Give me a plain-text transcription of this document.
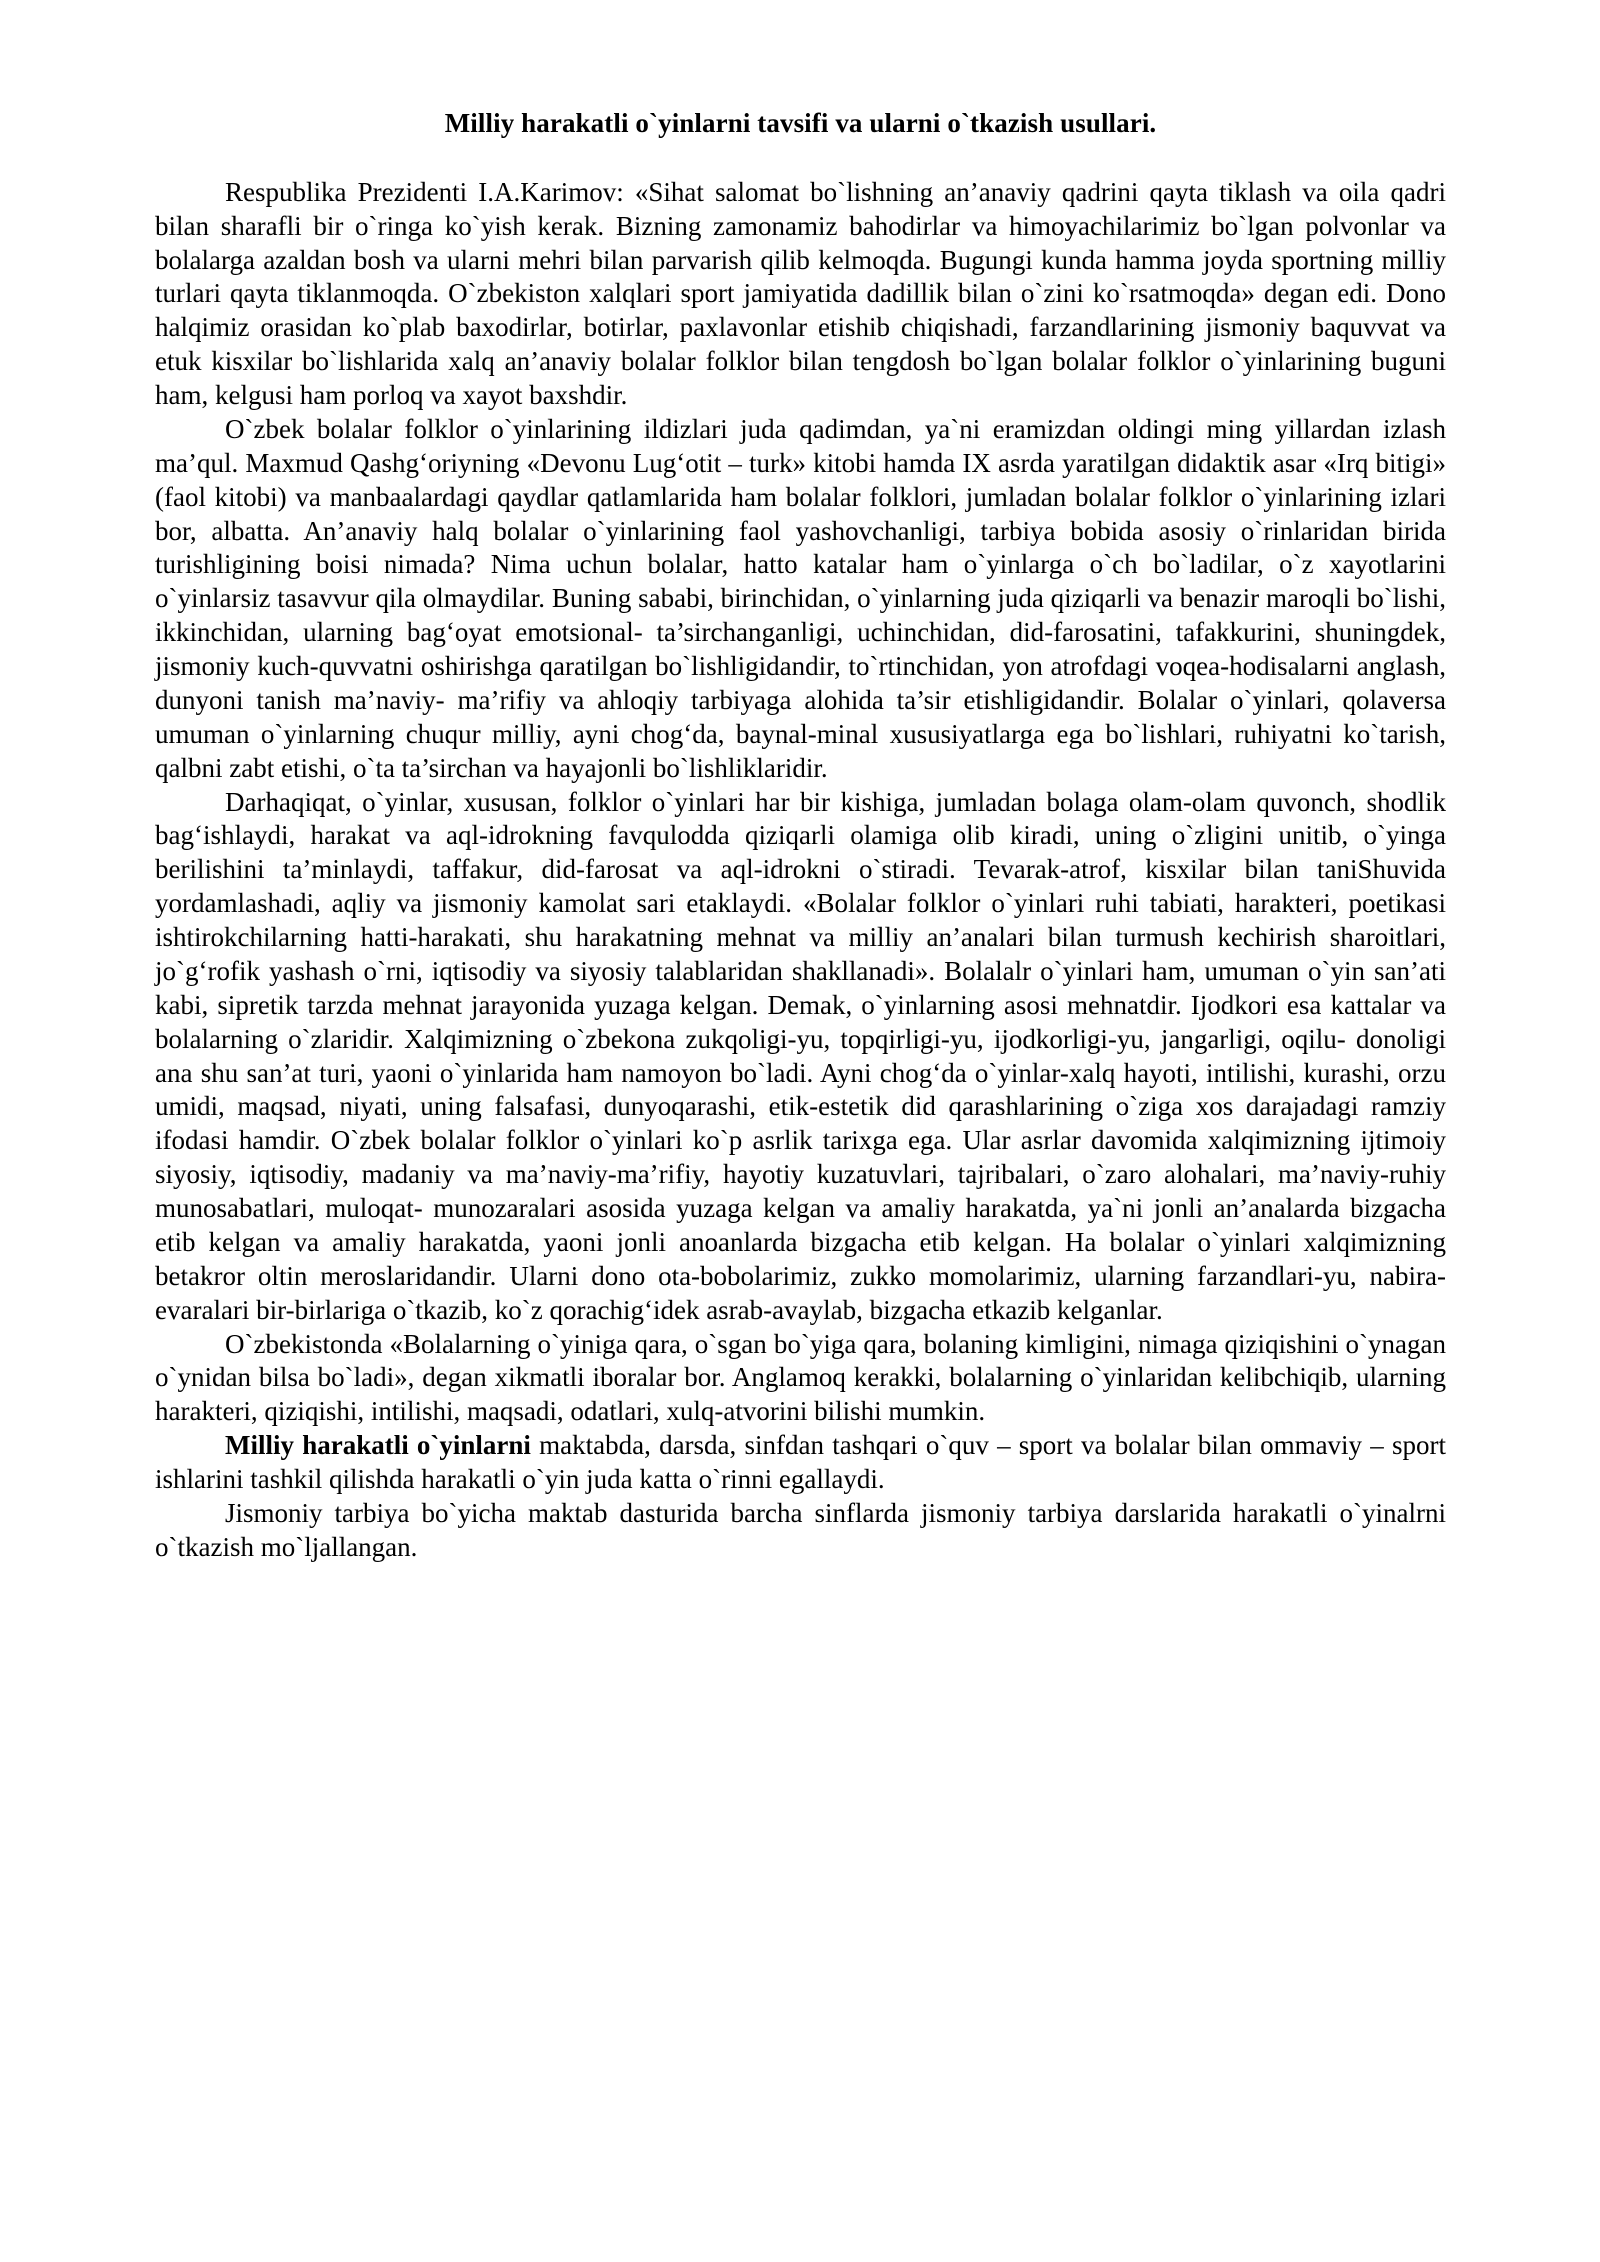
Milliy harakatli o`yinlarni tavsifi va ularni o`tkazish usullari.

Respublika Prezidenti I.A.Karimov: «Sihat salomat bo`lishning an’anaviy qadrini qayta tiklash va oila qadri bilan sharafli bir o`ringa ko`yish kerak. Bizning zamonamiz bahodirlar va himoyachilarimiz bo`lgan polvonlar va bolalarga azaldan bosh va ularni mehri bilan parvarish qilib kelmoqda. Bugungi kunda hamma joyda sportning milliy turlari qayta tiklanmoqda. O`zbekiston xalqlari sport jamiyatida dadillik bilan o`zini ko`rsatmoqda» degan edi. Dono halqimiz orasidan ko`plab baxodirlar, botirlar, paxlavonlar etishib chiqishadi, farzandlarining jismoniy baquvvat va etuk kisxilar bo`lishlarida xalq an’anaviy bolalar folklor bilan tengdosh bo`lgan bolalar folklor o`yinlarining buguni ham, kelgusi ham porloq va xayot baxshdir.

O`zbek bolalar folklor o`yinlarining ildizlari juda qadimdan, ya`ni eramizdan oldingi ming yillardan izlash ma’qul. Maxmud Qashg‘oriyning «Devonu Lug‘otit – turk» kitobi hamda IX asrda yaratilgan didaktik asar «Irq bitigi» (faol kitobi) va manbaalardagi qaydlar qatlamlarida ham bolalar folklori, jumladan bolalar folklor o`yinlarining izlari bor, albatta. An’anaviy halq bolalar o`yinlarining faol yashovchanligi, tarbiya bobida asosiy o`rinlaridan birida turishligining boisi nimada? Nima uchun bolalar, hatto katalar ham o`yinlarga o`ch bo`ladilar, o`z xayotlarini o`yinlarsiz tasavvur qila olmaydilar. Buning sababi, birinchidan, o`yinlarning juda qiziqarli va benazir maroqli bo`lishi, ikkinchidan, ularning bag‘oyat emotsional- ta’sirchanganligi, uchinchidan, did-farosatini, tafakkurini, shuningdek, jismoniy kuch-quvvatni oshirishga qaratilgan bo`lishligidandir, to`rtinchidan, yon atrofdagi voqea-hodisalarni anglash, dunyoni tanish ma’naviy- ma’rifiy va ahloqiy tarbiyaga alohida ta’sir etishligidandir. Bolalar o`yinlari, qolaversa umuman o`yinlarning chuqur milliy, ayni chog‘da, baynal-minal xususiyatlarga ega bo`lishlari, ruhiyatni ko`tarish, qalbni zabt etishi, o`ta ta’sirchan va hayajonli bo`lishliklaridir.

Darhaqiqat, o`yinlar, xususan, folklor o`yinlari har bir kishiga, jumladan bolaga olam-olam quvonch, shodlik bag‘ishlaydi, harakat va aql-idrokning favqulodda qiziqarli olamiga olib kiradi, uning o`zligini unitib, o`yinga berilishini ta’minlaydi, taffakur, did-farosat va aql-idrokni o`stiradi. Tevarak-atrof, kisxilar bilan taniShuvida yordamlashadi, aqliy va jismoniy kamolat sari etaklaydi. «Bolalar folklor o`yinlari ruhi tabiati, harakteri, poetikasi ishtirokchilarning hatti-harakati, shu harakatning mehnat va milliy an’analari bilan turmush kechirish sharoitlari, jo`g‘rofik yashash o`rni, iqtisodiy va siyosiy talablaridan shakllanadi». Bolalalr o`yinlari ham, umuman o`yin san’ati kabi, sipretik tarzda mehnat jarayonida yuzaga kelgan. Demak, o`yinlarning asosi mehnatdir. Ijodkori esa kattalar va bolalarning o`zlaridir. Xalqimizning o`zbekona zukqoligi-yu, topqirligi-yu, ijodkorligi-yu, jangarligi, oqilu- donoligi ana shu san’at turi, yaoni o`yinlarida ham namoyon bo`ladi. Ayni chog‘da o`yinlar-xalq hayoti, intilishi, kurashi, orzu umidi, maqsad, niyati, uning falsafasi, dunyoqarashi, etik-estetik did qarashlarining o`ziga xos darajadagi ramziy ifodasi hamdir. O`zbek bolalar folklor o`yinlari ko`p asrlik tarixga ega. Ular asrlar davomida xalqimizning ijtimoiy siyosiy, iqtisodiy, madaniy va ma’naviy-ma’rifiy, hayotiy kuzatuvlari, tajribalari, o`zaro alohalari, ma’naviy-ruhiy munosabatlari, muloqat- munozaralari asosida yuzaga kelgan va amaliy harakatda, ya`ni jonli an’analarda bizgacha etib kelgan va amaliy harakatda, yaoni jonli anoanlarda bizgacha etib kelgan. Ha bolalar o`yinlari xalqimizning betakror oltin meroslaridandir. Ularni dono ota-bobolarimiz, zukko momolarimiz, ularning farzandlari-yu, nabira-evaralari bir-birlariga o`tkazib, ko`z qorachig‘idek asrab-avaylab, bizgacha etkazib kelganlar.

O`zbekistonda «Bolalarning o`yiniga qara, o`sgan bo`yiga qara, bolaning kimligini, nimaga qiziqishini o`ynagan o`ynidan bilsa bo`ladi», degan xikmatli iboralar bor. Anglamoq kerakki, bolalarning o`yinlaridan kelibchiqib, ularning harakteri, qiziqishi, intilishi, maqsadi, odatlari, xulq-atvorini bilishi mumkin.

Milliy harakatli o`yinlarni maktabda, darsda, sinfdan tashqari o`quv – sport va bolalar bilan ommaviy – sport ishlarini tashkil qilishda harakatli o`yin juda katta o`rinni egallaydi.

Jismoniy tarbiya bo`yicha maktab dasturida barcha sinflarda jismoniy tarbiya darslarida harakatli o`yinalrni o`tkazish mo`ljallangan.
